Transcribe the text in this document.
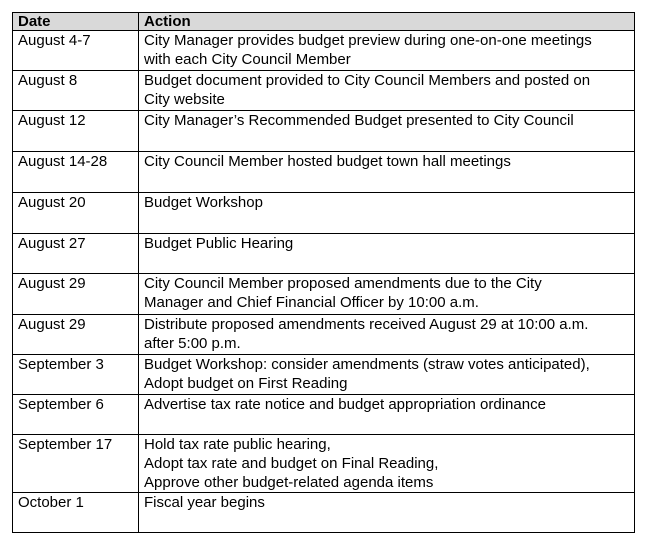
Date	Action
August 4-7	City Manager provides budget preview during one-on-one meetings
with each City Council Member

August 8	Budget document provided to City Council Members and posted on
City website

August 12	City Manager’s Recommended Budget presented to City Council

August 14-28	City Council Member hosted budget town hall meetings

August 20	Budget Workshop

August 27	Budget Public Hearing

August 29	City Council Member proposed amendments due to the City
Manager and Chief Financial Officer by 10:00 a.m.

August 29	Distribute proposed amendments received August 29 at 10:00 a.m.
after 5:00 p.m.

September 3	Budget Workshop: consider amendments (straw votes anticipated),
Adopt budget on First Reading

September 6	Advertise tax rate notice and budget appropriation ordinance

September 17	Hold tax rate public hearing,
Adopt tax rate and budget on Final Reading,
Approve other budget-related agenda items

October 1	Fiscal year begins
